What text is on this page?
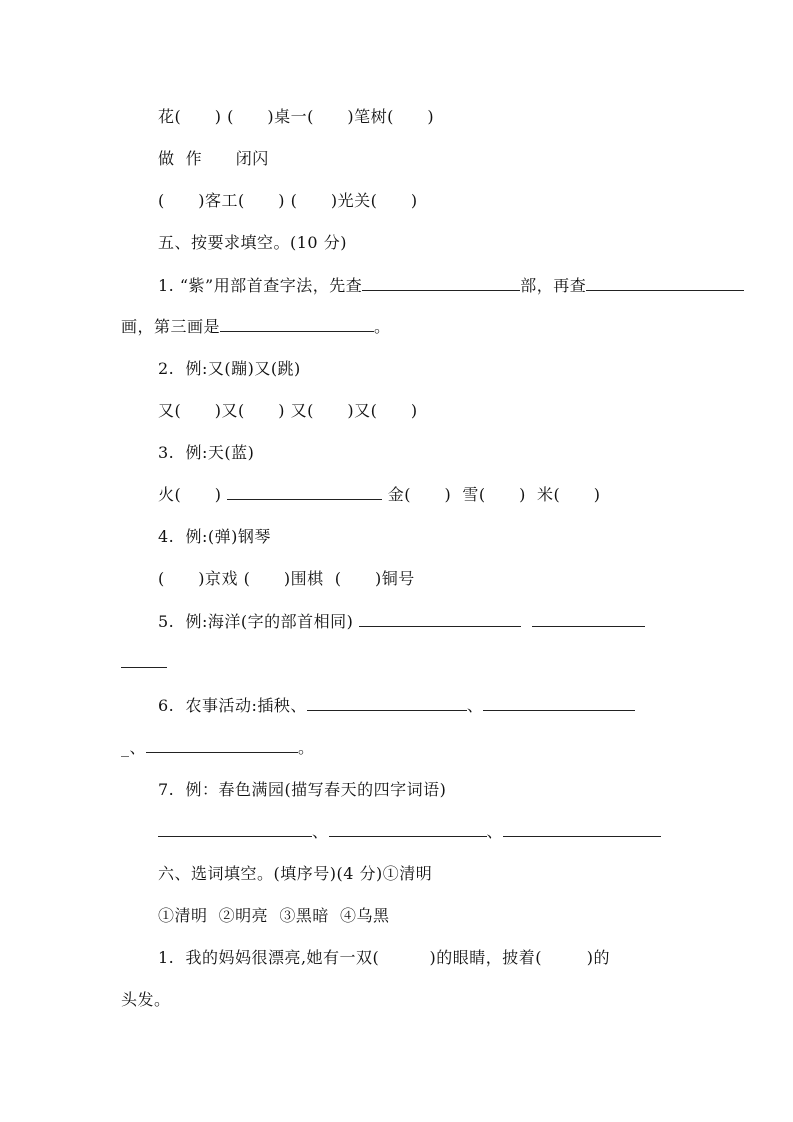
花(      ) (      )桌一(      )笔树(      )
做  作      闭闪
(      )客工(      ) (      )光关(      )
五、按要求填空。(10 分)
1. “紫”用部首查字法，先查	部，再查
画，第三画是	。
2.  例:又(蹦)又(跳)
又(      )又(      ) 又(      )又(      )
3.  例:天(蓝)
火(      )	金(      )  雪(      )  米(      )
4.  例:(弹)钢琴
(      )京戏 (      )围棋  (      )铜号
5.  例:海洋(字的部首相同)
6.  农事活动:插秧、	、
_、	。
7.  例：春色满园(描写春天的四字词语)
、	、
六、选词填空。(填序号)(4 分)①清明
①清明  ②明亮  ③黑暗  ④乌黑
1.  我的妈妈很漂亮,她有一双(         )的眼睛，披着(        )的
头发。
